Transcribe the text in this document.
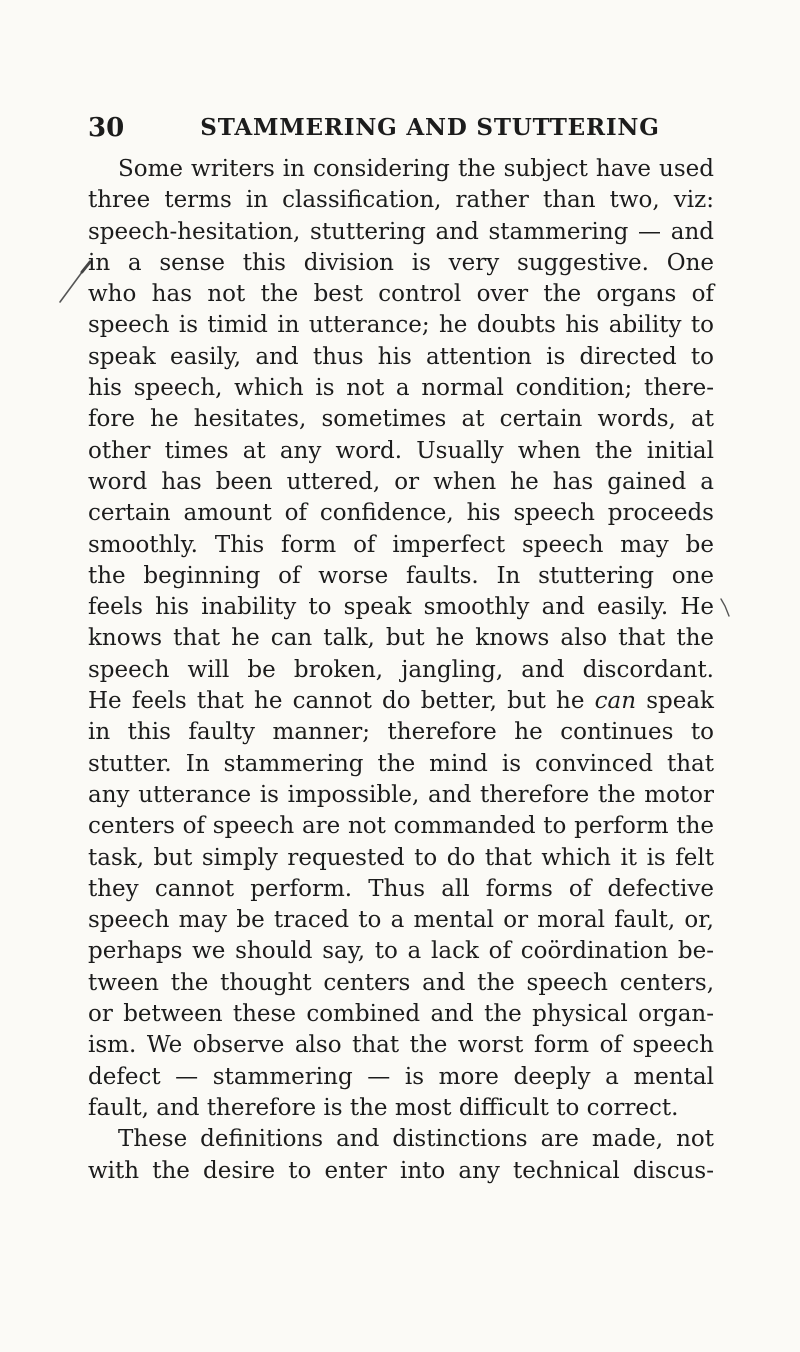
30	STAMMERING AND STUTTERING
Some writers in considering the subject have used
three terms in classification, rather than two, viz:
speech-hesitation, stuttering and stammering — and
in a sense this division is very suggestive. One
who has not the best control over the organs of
speech is timid in utterance; he doubts his ability to
speak easily, and thus his attention is directed to
his speech, which is not a normal condition; there-
fore he hesitates, sometimes at certain words, at
other times at any word. Usually when the initial
word has been uttered, or when he has gained a
certain amount of confidence, his speech proceeds
smoothly. This form of imperfect speech may be
the beginning of worse faults. In stuttering one
feels his inability to speak smoothly and easily. He
knows that he can talk, but he knows also that the
speech will be broken, jangling, and discordant.
He feels that he cannot do better, but he can speak
in this faulty manner; therefore he continues to
stutter. In stammering the mind is convinced that
any utterance is impossible, and therefore the motor
centers of speech are not commanded to perform the
task, but simply requested to do that which it is felt
they cannot perform. Thus all forms of defective
speech may be traced to a mental or moral fault, or,
perhaps we should say, to a lack of coördination be-
tween the thought centers and the speech centers,
or between these combined and the physical organ-
ism. We observe also that the worst form of speech
defect — stammering — is more deeply a mental
fault, and therefore is the most difficult to correct.
These definitions and distinctions are made, not
with the desire to enter into any technical discus-
